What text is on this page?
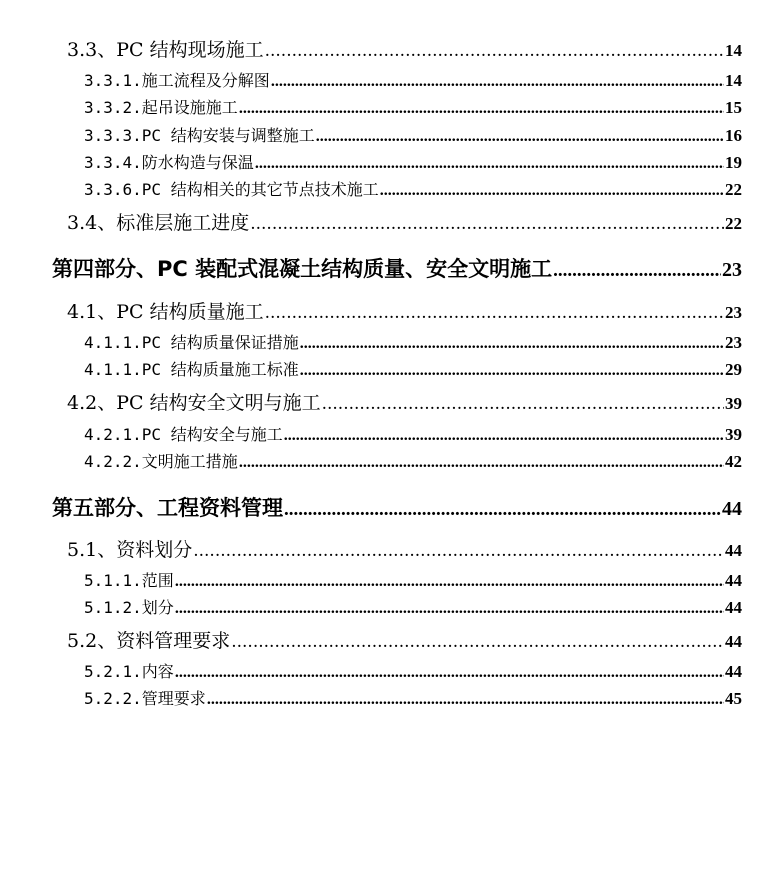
3.3、PC 结构现场施工 .....	14
3.3.1.施工流程及分解图 .....	14
3.3.2.起吊设施施工 .....	15
3.3.3.PC 结构安装与调整施工 .....	16
3.3.4.防水构造与保温 .....	19
3.3.6.PC 结构相关的其它节点技术施工 .....	22
3.4、标准层施工进度 .....	22
第四部分、PC 装配式混凝土结构质量、安全文明施工 .....	23
4.1、PC 结构质量施工 .....	23
4.1.1.PC 结构质量保证措施 .....	23
4.1.1.PC 结构质量施工标准 .....	29
4.2、PC 结构安全文明与施工 .....	39
4.2.1.PC 结构安全与施工 .....	39
4.2.2.文明施工措施 .....	42
第五部分、工程资料管理 .....	44
5.1、资料划分 .....	44
5.1.1.范围 .....	44
5.1.2.划分 .....	44
5.2、资料管理要求 .....	44
5.2.1.内容 .....	44
5.2.2.管理要求 .....	45
